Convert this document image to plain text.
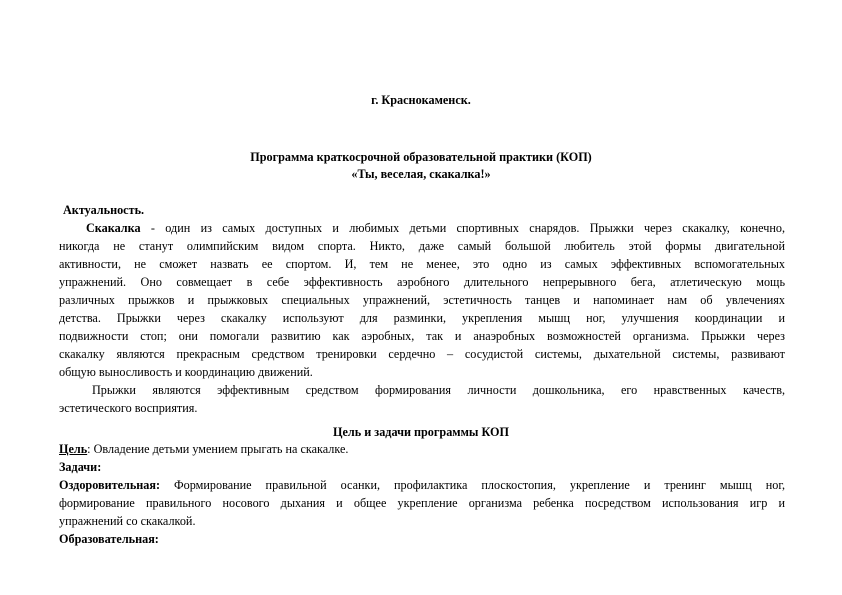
г. Краснокаменск.
Программа краткосрочной образовательной практики (КОП)
«Ты, веселая, скакалка!»
Актуальность.
Скакалка - один из самых доступных и любимых детьми спортивных снарядов. Прыжки через скакалку, конечно,
никогда не станут олимпийским видом спорта. Никто, даже самый большой любитель этой формы двигательной
активности, не сможет назвать ее спортом. И, тем не менее, это одно из самых эффективных вспомогательных
упражнений. Оно совмещает в себе эффективность аэробного длительного непрерывного бега, атлетическую мощь
различных прыжков и прыжковых специальных упражнений, эстетичность танцев и напоминает нам об увлечениях
детства. Прыжки через скакалку используют для разминки, укрепления мышц ног, улучшения координации и
подвижности стоп; они помогали развитию как аэробных, так и анаэробных возможностей организма. Прыжки через
скакалку являются прекрасным средством тренировки сердечно – сосудистой системы, дыхательной системы, развивают
общую выносливость и координацию движений.
Прыжки являются эффективным средством формирования личности дошкольника, его нравственных качеств,
эстетического восприятия.
Цель и задачи программы КОП
Цель: Овладение детьми умением прыгать на скакалке.
Задачи:
Оздоровительная: Формирование правильной осанки, профилактика плоскостопия, укрепление и тренинг мышц ног,
формирование правильного носового дыхания и общее укрепление организма ребенка посредством использования игр и
упражнений со скакалкой.
Образовательная:
